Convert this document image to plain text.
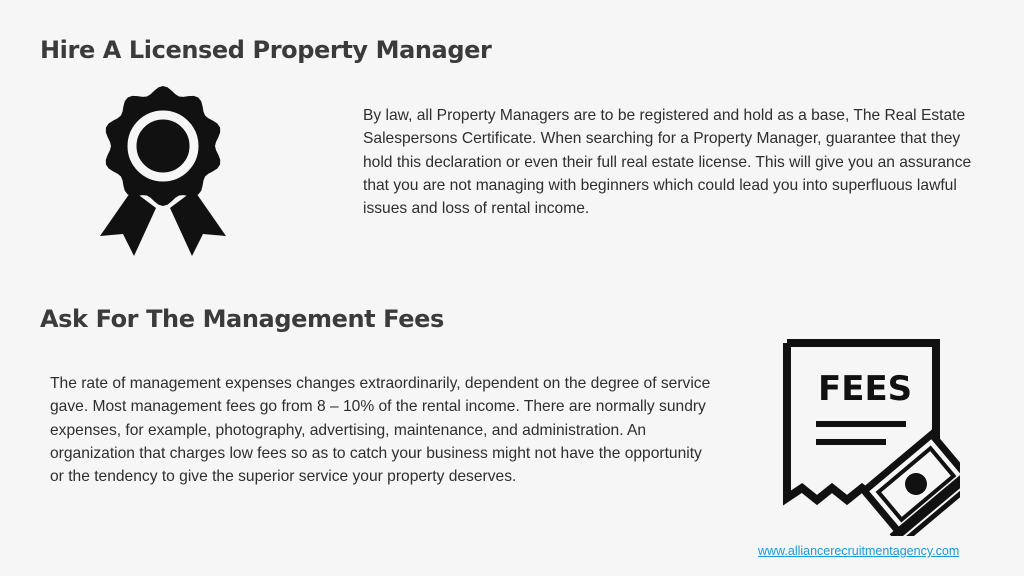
Hire A Licensed Property Manager

By law, all Property Managers are to be registered and hold as a base, The Real Estate Salespersons Certificate. When searching for a Property Manager, guarantee that they hold this declaration or even their full real estate license. This will give you an assurance that you are not managing with beginners which could lead you into superfluous lawful issues and loss of rental income.

Ask For The Management Fees

The rate of management expenses changes extraordinarily, dependent on the degree of service gave. Most management fees go from 8 – 10% of the rental income. There are normally sundry expenses, for example, photography, advertising, maintenance, and administration. An organization that charges low fees so as to catch your business might not have the opportunity or the tendency to give the superior service your property deserves.

FEES
www.alliancerecruitmentagency.com
